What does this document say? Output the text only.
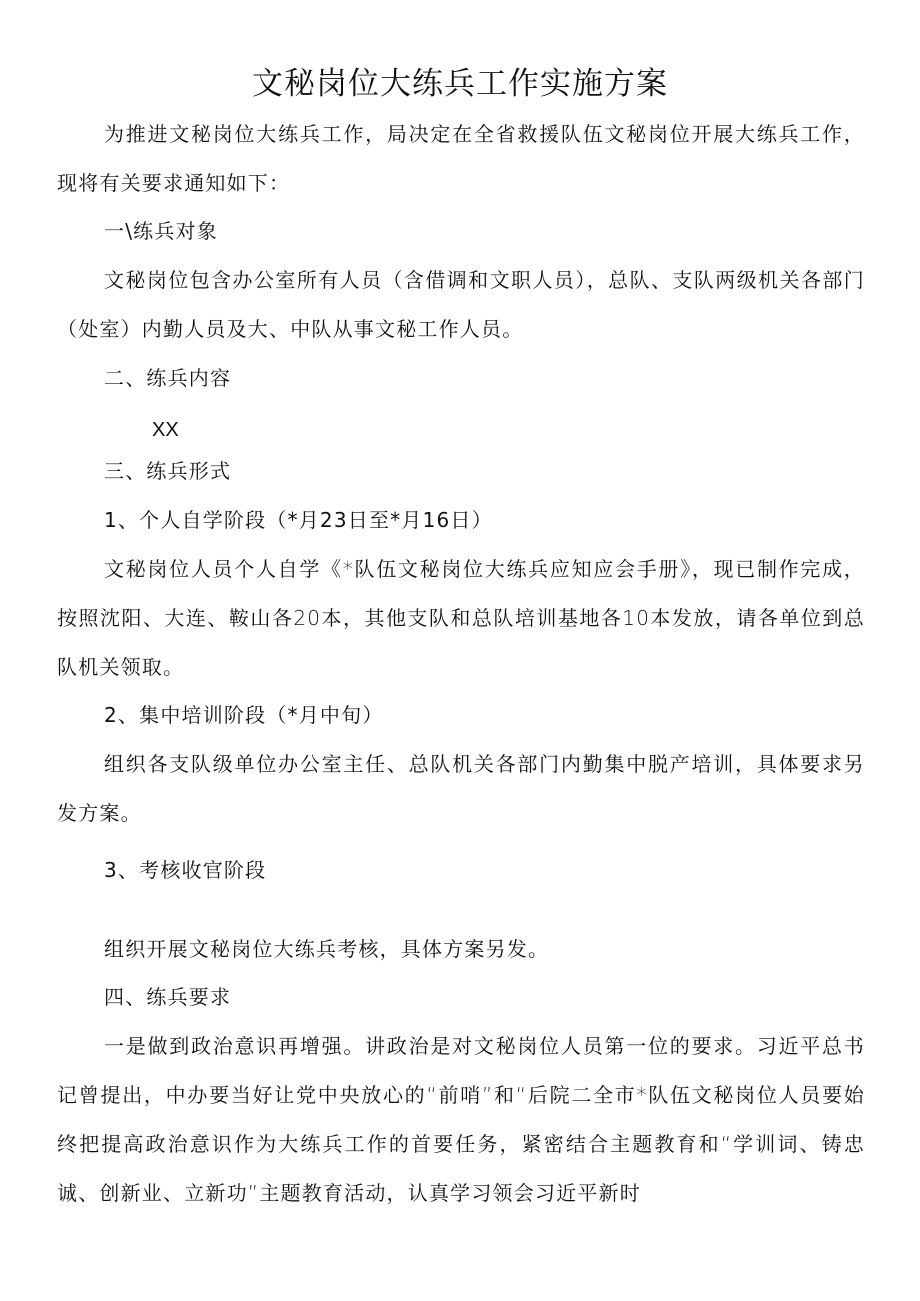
文秘岗位大练兵工作实施方案
为推进文秘岗位大练兵工作，局决定在全省救援队伍文秘岗位开展大练兵工作，现将有关要求通知如下：
一\练兵对象
文秘岗位包含办公室所有人员（含借调和文职人员），总队、支队两级机关各部门（处室）内勤人员及大、中队从事文秘工作人员。
二、练兵内容
XX
三、练兵形式
1、个人自学阶段（*月23日至*月16日）
文秘岗位人员个人自学《*队伍文秘岗位大练兵应知应会手册》，现已制作完成，按照沈阳、大连、鞍山各20本，其他支队和总队培训基地各10本发放，请各单位到总队机关领取。
2、集中培训阶段（*月中旬）
组织各支队级单位办公室主任、总队机关各部门内勤集中脱产培训，具体要求另发方案。
3、考核收官阶段
组织开展文秘岗位大练兵考核，具体方案另发。
四、练兵要求
一是做到政治意识再增强。讲政治是对文秘岗位人员第一位的要求。习近平总书记曾提出，中办要当好让党中央放心的“前哨”和“后院二全市*队伍文秘岗位人员要始终把提高政治意识作为大练兵工作的首要任务，紧密结合主题教育和“学训词、铸忠诚、创新业、立新功”主题教育活动，认真学习领会习近平新时
